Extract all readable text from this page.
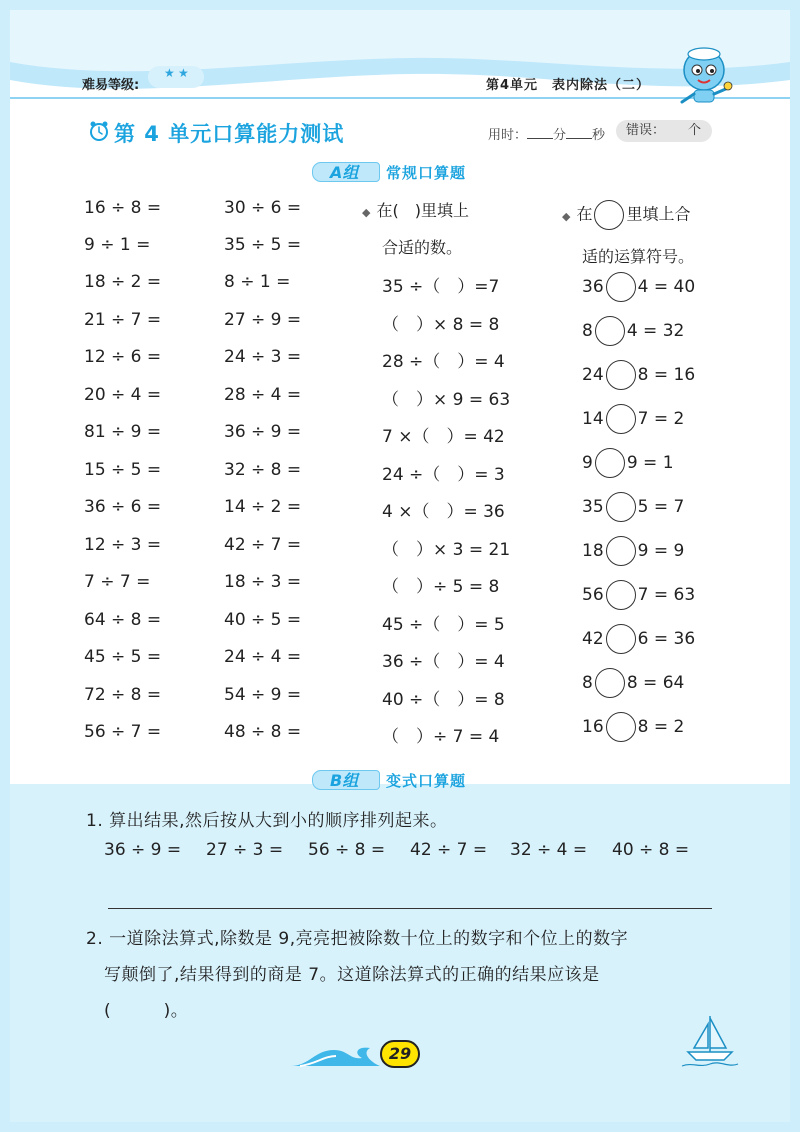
难易等级:
★ ★
第4单元　表内除法（二）
第 4 单元口算能力测试	用时： 分 秒 错误： 个
A组 常规口算题
16 ÷ 8 =
9 ÷ 1 =
18 ÷ 2 =
21 ÷ 7 =
12 ÷ 6 =
20 ÷ 4 =
81 ÷ 9 =
15 ÷ 5 =
36 ÷ 6 =
12 ÷ 3 =
7 ÷ 7 =
64 ÷ 8 =
45 ÷ 5 =
72 ÷ 8 =
56 ÷ 7 =
30 ÷ 6 =
35 ÷ 5 =
8 ÷ 1 =
27 ÷ 9 =
24 ÷ 3 =
28 ÷ 4 =
36 ÷ 9 =
32 ÷ 8 =
14 ÷ 2 =
42 ÷ 7 =
18 ÷ 3 =
40 ÷ 5 =
24 ÷ 4 =
54 ÷ 9 =
48 ÷ 8 =
◆ 在(　)里填上
合适的数。
35 ÷（　）=7
（　）× 8 = 8
28 ÷（　）= 4
（　）× 9 = 63
7 ×（　）= 42
24 ÷（　）= 3
4 ×（　）= 36
（　）× 3 = 21
（　）÷ 5 = 8
45 ÷（　）= 5
36 ÷（　）= 4
40 ÷（　）= 8
（　）÷ 7 = 4
◆ 在 里填上合
适的运算符号。
36 4 = 40
8 4 = 32
24 8 = 16
14 7 = 2
9 9 = 1
35 5 = 7
18 9 = 9
56 7 = 63
42 6 = 36
8 8 = 64
16 8 = 2
B组 变式口算题
1. 算出结果,然后按从大到小的顺序排列起来。
36 ÷ 9 = 27 ÷ 3 = 56 ÷ 8 = 42 ÷ 7 = 32 ÷ 4 = 40 ÷ 8 =
2. 一道除法算式,除数是 9,亮亮把被除数十位上的数字和个位上的数字
写颠倒了,结果得到的商是 7。这道除法算式的正确的结果应该是
(　　　)。
29
